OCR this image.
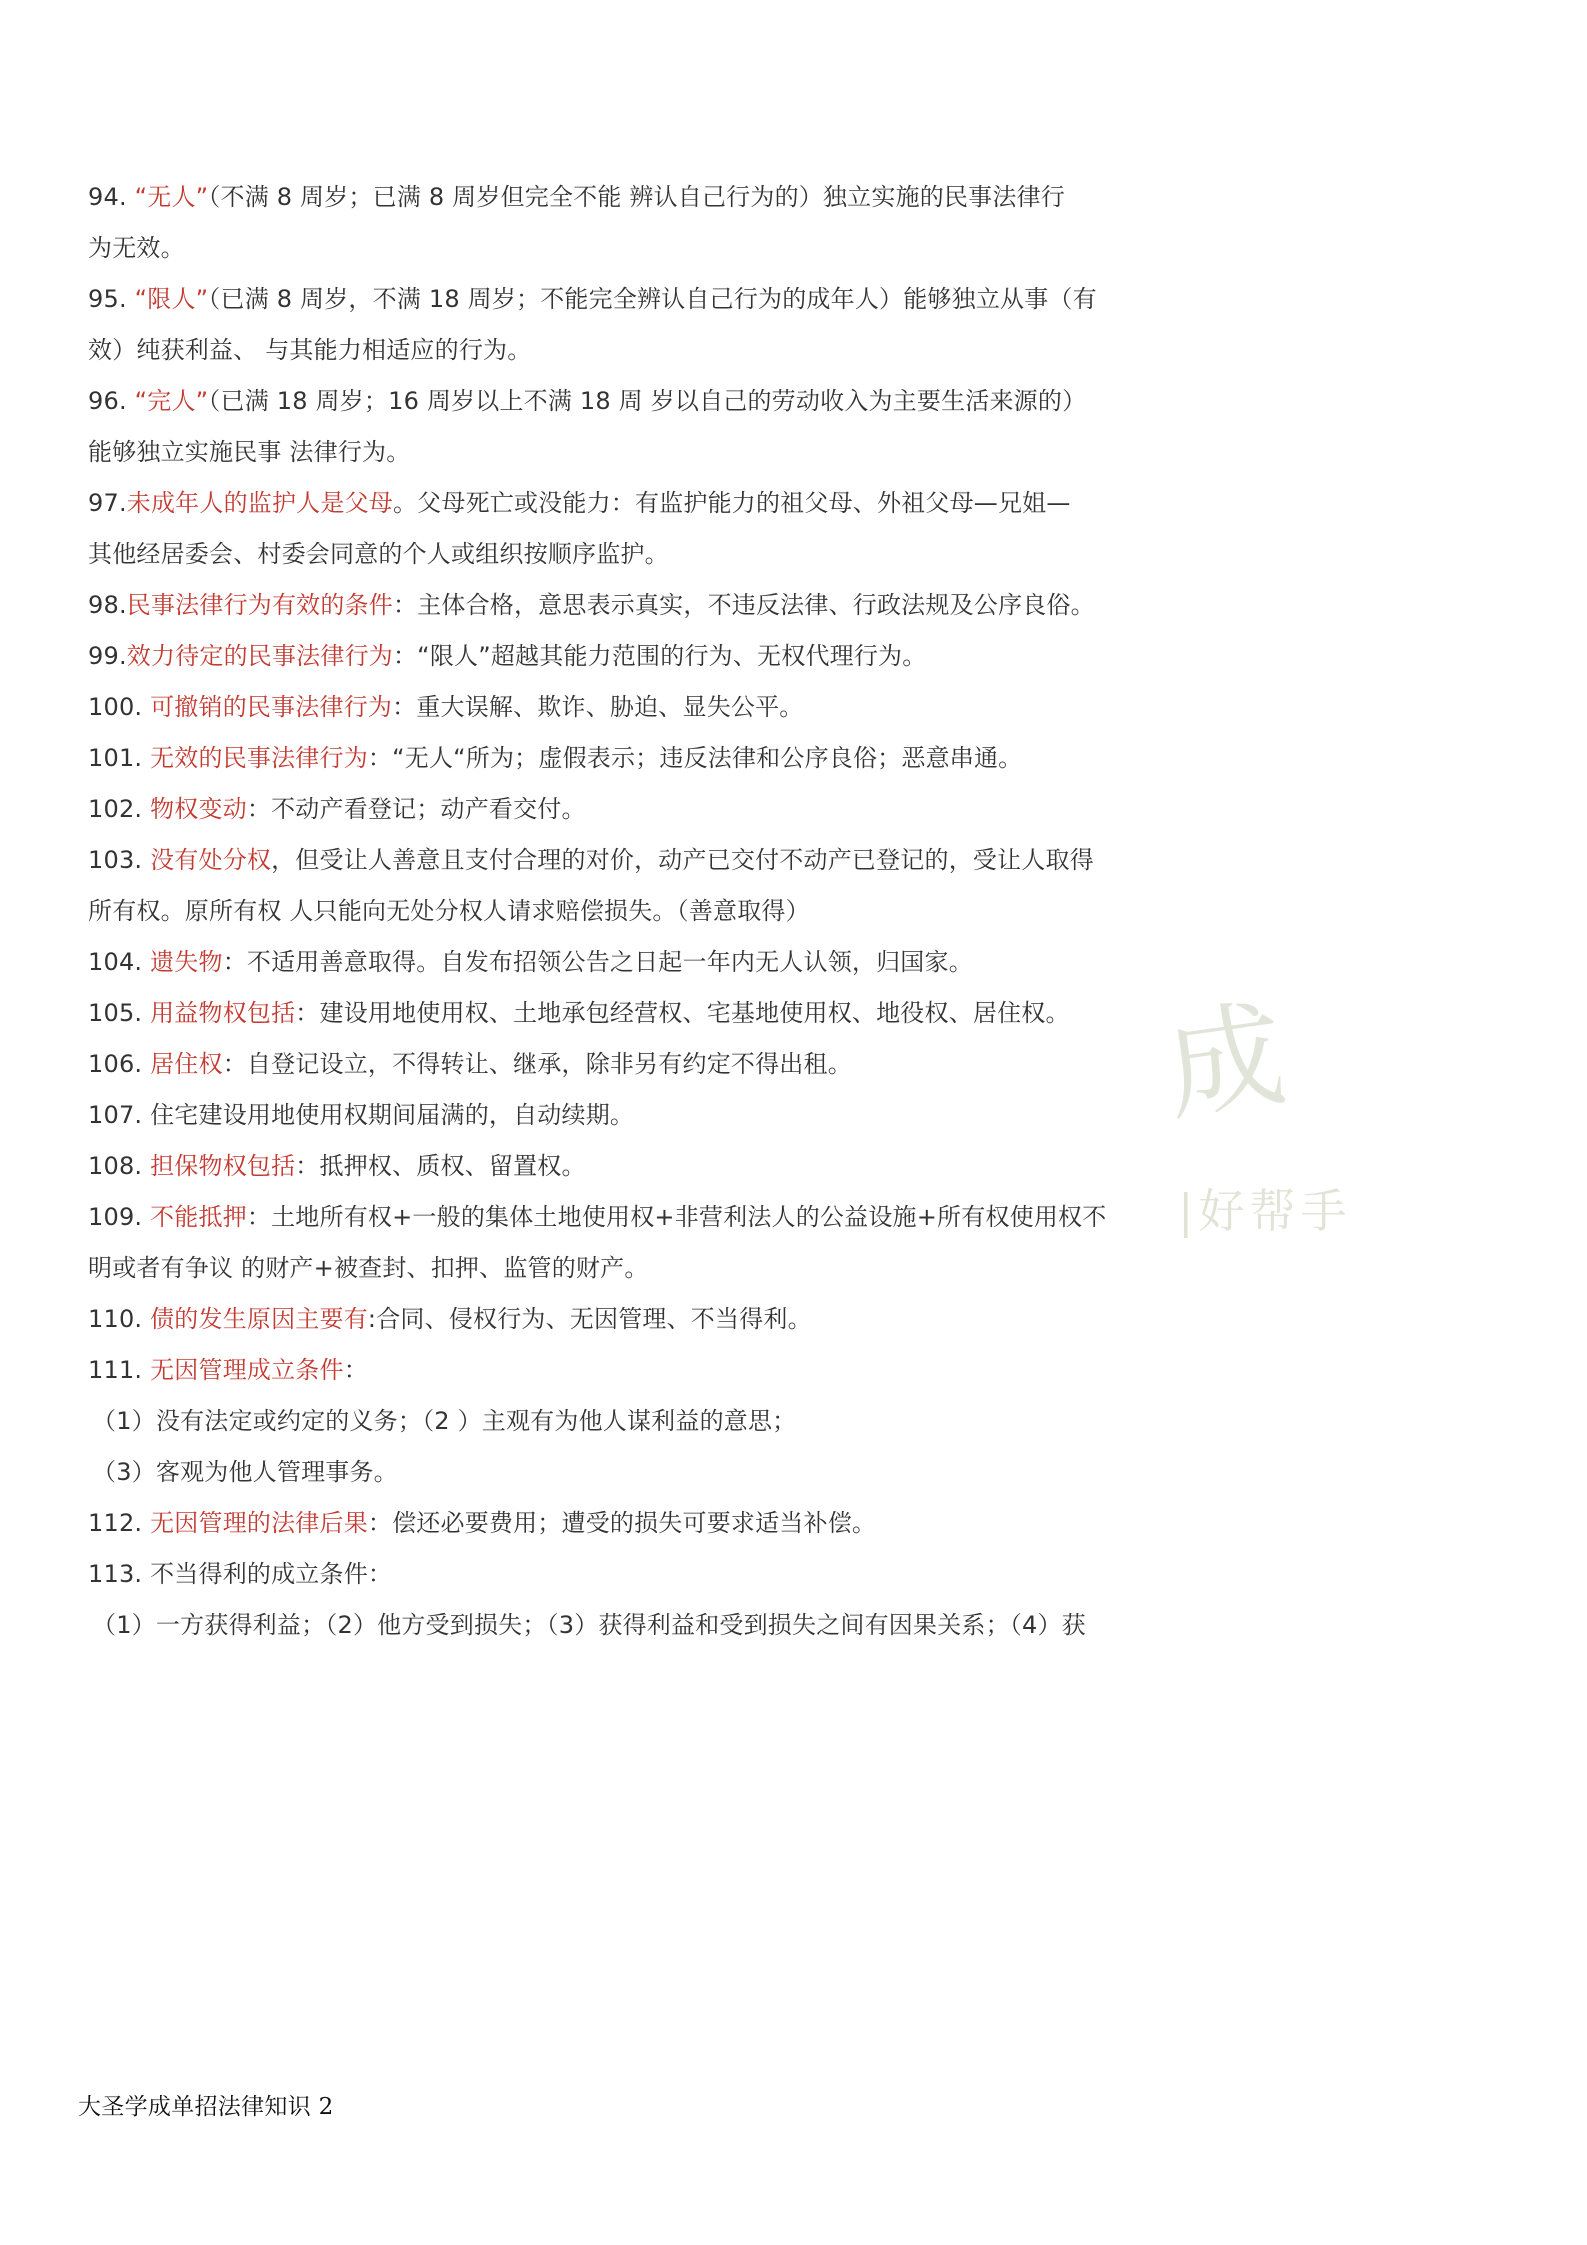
94. “无人”（不满 8 周岁；已满 8 周岁但完全不能 辨认自己行为的）独立实施的民事法律行
为无效。
95. “限人”（已满 8 周岁，不满 18 周岁；不能完全辨认自己行为的成年人）能够独立从事（有
效）纯获利益、 与其能力相适应的行为。
96. “完人”（已满 18 周岁；16 周岁以上不满 18 周 岁以自己的劳动收入为主要生活来源的）
能够独立实施民事 法律行为。
97.未成年人的监护人是父母。父母死亡或没能力：有监护能力的祖父母、外祖父母—兄姐—
其他经居委会、村委会同意的个人或组织按顺序监护。
98.民事法律行为有效的条件：主体合格，意思表示真实，不违反法律、行政法规及公序良俗。
99.效力待定的民事法律行为：“限人”超越其能力范围的行为、无权代理行为。
100. 可撤销的民事法律行为：重大误解、欺诈、胁迫、显失公平。
101. 无效的民事法律行为：“无人“所为；虚假表示；违反法律和公序良俗；恶意串通。
102. 物权变动：不动产看登记；动产看交付。
103. 没有处分权，但受让人善意且支付合理的对价，动产已交付不动产已登记的，受让人取得
所有权。原所有权 人只能向无处分权人请求赔偿损失。（善意取得）
104. 遗失物：不适用善意取得。自发布招领公告之日起一年内无人认领，归国家。
105. 用益物权包括：建设用地使用权、土地承包经营权、宅基地使用权、地役权、居住权。
106. 居住权：自登记设立，不得转让、继承，除非另有约定不得出租。
107. 住宅建设用地使用权期间届满的，自动续期。
108. 担保物权包括：抵押权、质权、留置权。
109. 不能抵押：土地所有权+一般的集体土地使用权+非营利法人的公益设施+所有权使用权不
明或者有争议 的财产+被查封、扣押、监管的财产。
110. 债的发生原因主要有:合同、侵权行为、无因管理、不当得利。
111. 无因管理成立条件：
（1）没有法定或约定的义务；（2 ）主观有为他人谋利益的意思；
（3）客观为他人管理事务。
112. 无因管理的法律后果：偿还必要费用；遭受的损失可要求适当补偿。
113. 不当得利的成立条件：
（1）一方获得利益；（2）他方受到损失；（3）获得利益和受到损失之间有因果关系；（4）获
成
|好帮手
大圣学成单招法律知识 2
